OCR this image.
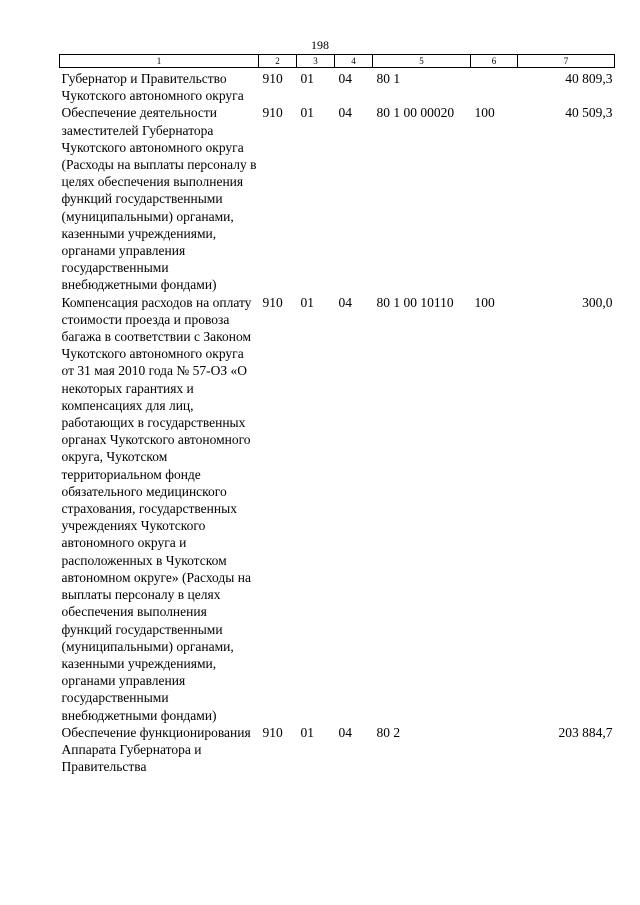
198
1	2	3	4	5	6	7
Губернатор и Правительство Чукотского автономного округа	910	01	04	80 1		40 809,3
Обеспечение деятельности заместителей Губернатора Чукотского автономного округа (Расходы на выплаты персоналу в целях обеспечения выполнения функций государственными (муниципальными) органами, казенными учреждениями, органами управления государственными внебюджетными фондами)	910	01	04	80 1 00 00020	100	40 509,3
Компенсация расходов на оплату стоимости проезда и провоза багажа в соответствии с Законом Чукотского автономного округа от 31 мая 2010 года № 57-ОЗ «О некоторых гарантиях и компенсациях для лиц, работающих в государственных органах Чукотского автономного округа, Чукотском территориальном фонде обязательного медицинского страхования, государственных учреждениях Чукотского автономного округа и расположенных в Чукотском автономном округе» (Расходы на выплаты персоналу в целях обеспечения выполнения функций государственными (муниципальными) органами, казенными учреждениями, органами управления государственными внебюджетными фондами)	910	01	04	80 1 00 10110	100	300,0
Обеспечение функционирования Аппарата Губернатора и Правительства	910	01	04	80 2		203 884,7
